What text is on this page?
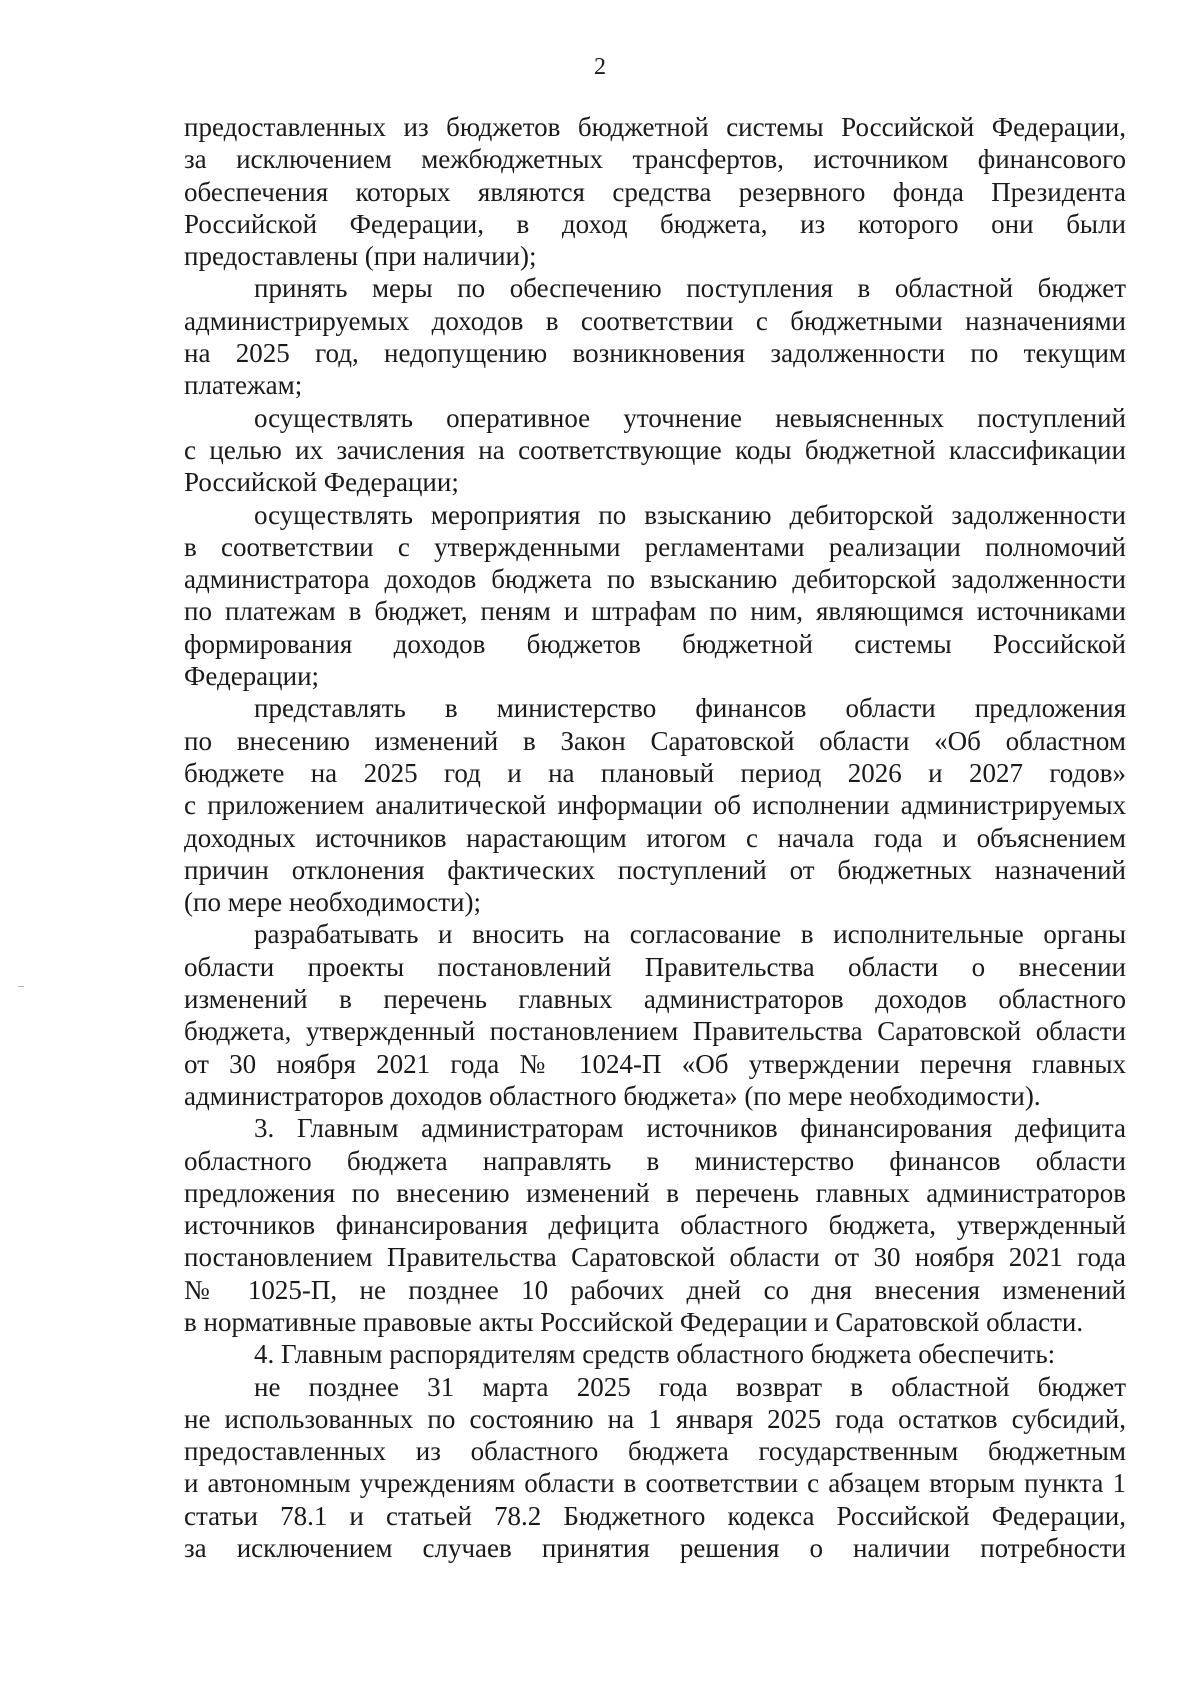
2
предоставленных из бюджетов бюджетной системы Российской Федерации,
за исключением межбюджетных трансфертов, источником финансового
обеспечения которых являются средства резервного фонда Президента
Российской Федерации, в доход бюджета, из которого они были
предоставлены (при наличии);
принять меры по обеспечению поступления в областной бюджет
администрируемых доходов в соответствии с бюджетными назначениями
на 2025 год, недопущению возникновения задолженности по текущим
платежам;
осуществлять оперативное уточнение невыясненных поступлений
с целью их зачисления на соответствующие коды бюджетной классификации
Российской Федерации;
осуществлять мероприятия по взысканию дебиторской задолженности
в соответствии с утвержденными регламентами реализации полномочий
администратора доходов бюджета по взысканию дебиторской задолженности
по платежам в бюджет, пеням и штрафам по ним, являющимся источниками
формирования доходов бюджетов бюджетной системы Российской
Федерации;
представлять в министерство финансов области предложения
по внесению изменений в Закон Саратовской области «Об областном
бюджете на 2025 год и на плановый период 2026 и 2027 годов»
с приложением аналитической информации об исполнении администрируемых
доходных источников нарастающим итогом с начала года и объяснением
причин отклонения фактических поступлений от бюджетных назначений
(по мере необходимости);
разрабатывать и вносить на согласование в исполнительные органы
области проекты постановлений Правительства области о внесении
изменений в перечень главных администраторов доходов областного
бюджета, утвержденный постановлением Правительства Саратовской области
от 30 ноября 2021 года № 1024-П «Об утверждении перечня главных
администраторов доходов областного бюджета» (по мере необходимости).
3. Главным администраторам источников финансирования дефицита
областного бюджета направлять в министерство финансов области
предложения по внесению изменений в перечень главных администраторов
источников финансирования дефицита областного бюджета, утвержденный
постановлением Правительства Саратовской области от 30 ноября 2021 года
№ 1025-П, не позднее 10 рабочих дней со дня внесения изменений
в нормативные правовые акты Российской Федерации и Саратовской области.
4. Главным распорядителям средств областного бюджета обеспечить:
не позднее 31 марта 2025 года возврат в областной бюджет
не использованных по состоянию на 1 января 2025 года остатков субсидий,
предоставленных из областного бюджета государственным бюджетным
и автономным учреждениям области в соответствии с абзацем вторым пункта 1
статьи 78.1 и статьей 78.2 Бюджетного кодекса Российской Федерации,
за исключением случаев принятия решения о наличии потребности
